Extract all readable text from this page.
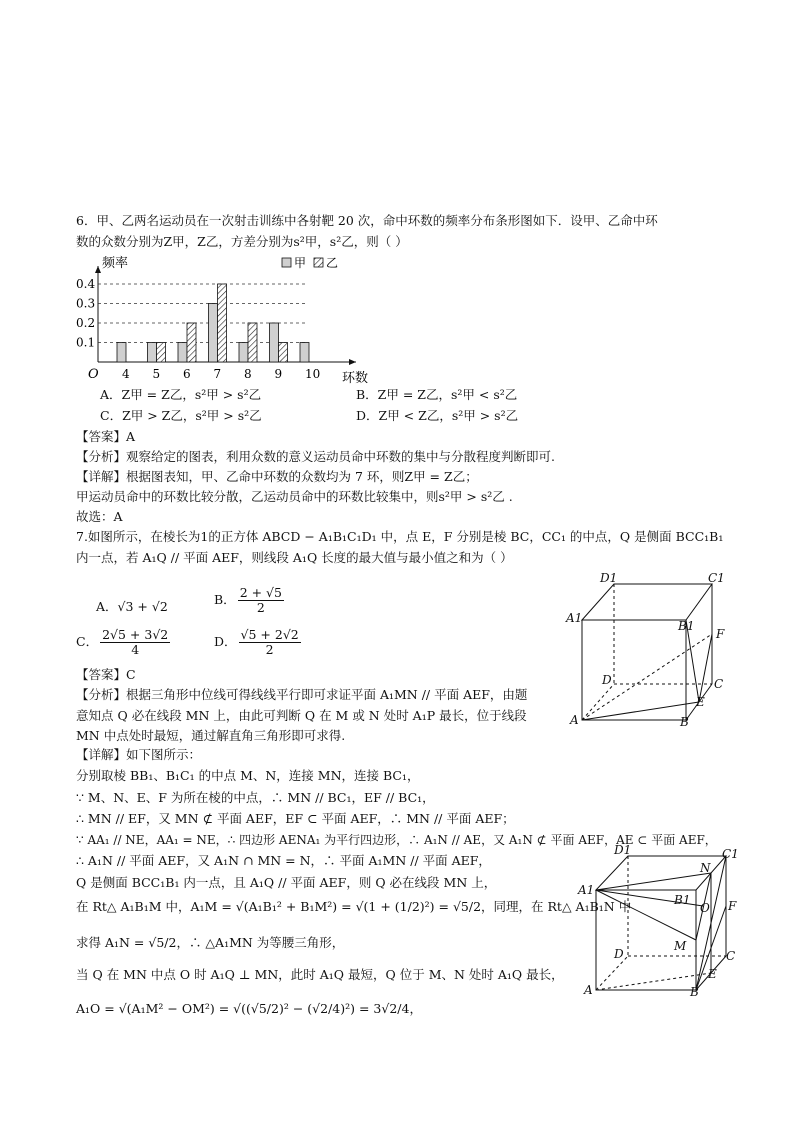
6．甲、乙两名运动员在一次射击训练中各射靶 20 次，命中环数的频率分布条形图如下．设甲、乙命中环
数的众数分别为Z甲，Z乙，方差分别为s²甲，s²乙，则（ ）
0.1
0.2
0.3
0.4
4 5 6 7 8 9 10
频率
环数
O
甲 乙
A．Z甲 = Z乙，s²甲 > s²乙	B．Z甲 = Z乙，s²甲 < s²乙
C．Z甲 > Z乙，s²甲 > s²乙	D．Z甲 < Z乙，s²甲 > s²乙
【答案】A
【分析】观察给定的图表，利用众数的意义运动员命中环数的集中与分散程度判断即可.
【详解】根据图表知，甲、乙命中环数的众数均为 7 环，则Z甲 = Z乙；
甲运动员命中的环数比较分散，乙运动员命中的环数比较集中，则s²甲 > s²乙 .
故选：A
7.如图所示，在棱长为1的正方体 ABCD − A₁B₁C₁D₁ 中，点 E，F 分别是棱 BC，CC₁ 的中点，Q 是侧面 BCC₁B₁
内一点，若 A₁Q // 平面 AEF，则线段 A₁Q 长度的最大值与最小值之和为（ ）
A．√3 + √2	B． $\frac{2 + √5}{2}$
C． $\frac{2√5 + 3√2}{4}$	D． $\frac{√5 + 2√2}{2}$
【答案】C
【分析】根据三角形中位线可得线线平行即可求证平面 A₁MN // 平面 AEF，由题
意知点 Q 必在线段 MN 上，由此可判断 Q 在 M 或 N 处时 A₁P 最长，位于线段
MN 中点处时最短，通过解直角三角形即可求得.
【详解】如下图所示：
分别取棱 BB₁、B₁C₁ 的中点 M、N，连接 MN，连接 BC₁，
∵ M、N、E、F 为所在棱的中点，∴ MN // BC₁，EF // BC₁，
∴ MN // EF，又 MN ⊄ 平面 AEF，EF ⊂ 平面 AEF，∴ MN // 平面 AEF；
∵ AA₁ // NE，AA₁ = NE，∴ 四边形 AENA₁ 为平行四边形，∴ A₁N // AE，又 A₁N ⊄ 平面 AEF，AE ⊂ 平面 AEF，
∴ A₁N // 平面 AEF，又 A₁N ∩ MN = N，∴ 平面 A₁MN // 平面 AEF，
Q 是侧面 BCC₁B₁ 内一点，且 A₁Q // 平面 AEF，则 Q 必在线段 MN 上，
在 Rt△ A₁B₁M 中，A₁M = √(A₁B₁² + B₁M²) = √(1 + (1/2)²) = √5/2，同理，在 Rt△ A₁B₁N 中
求得 A₁N = √5/2，∴ △A₁MN 为等腰三角形，
当 Q 在 MN 中点 O 时 A₁Q ⊥ MN，此时 A₁Q 最短，Q 位于 M、N 处时 A₁Q 最长，
A₁O = √(A₁M² − OM²) = √((√5/2)² − (√2/4)²) = 3√2/4，
D1	C1
A1
B1
F
D	C
E
A	B
D1	C1
N
A1
B1
O F
M
D	C
E
A	B
